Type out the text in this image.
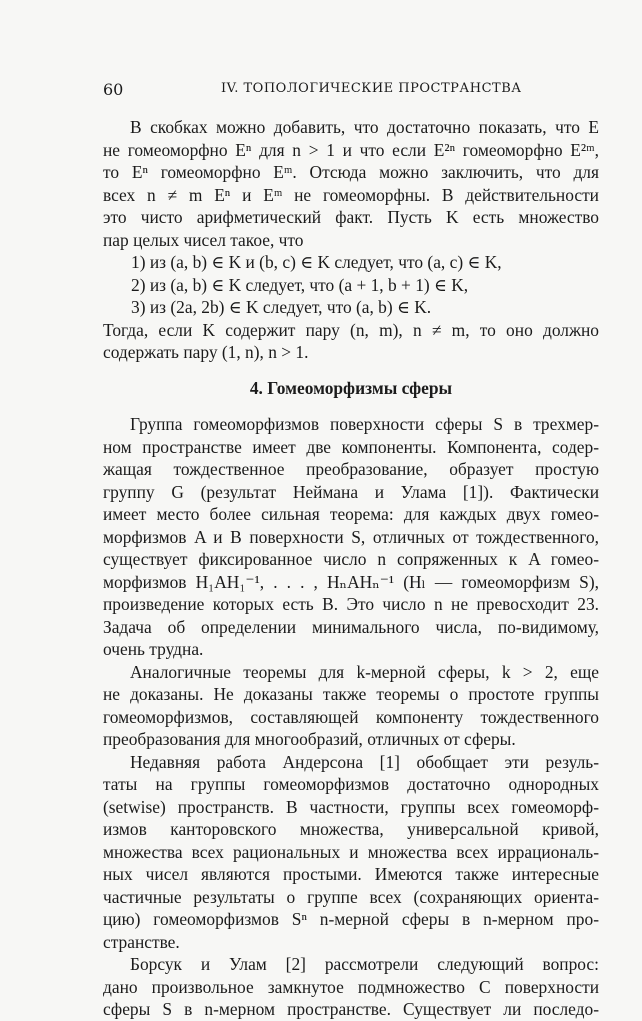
60	IV. ТОПОЛОГИЧЕСКИЕ ПРОСТРАНСТВА
В скобках можно добавить, что достаточно показать, что E
не гомеоморфно Eⁿ для n > 1 и что если E²ⁿ гомеоморфно E²ᵐ,
то Eⁿ гомеоморфно Eᵐ. Отсюда можно заключить, что для
всех n ≠ m Eⁿ и Eᵐ не гомеоморфны. В действительности
это чисто арифметический факт. Пусть K есть множество
пар целых чисел такое, что
1) из (a, b) ∈ K и (b, c) ∈ K следует, что (a, c) ∈ K,
2) из (a, b) ∈ K следует, что (a + 1, b + 1) ∈ K,
3) из (2a, 2b) ∈ K следует, что (a, b) ∈ K.
Тогда, если K содержит пару (n, m), n ≠ m, то оно должно
содержать пару (1, n), n > 1.
4. Гомеоморфизмы сферы
Группа гомеоморфизмов поверхности сферы S в трехмер-
ном пространстве имеет две компоненты. Компонента, содер-
жащая тождественное преобразование, образует простую
группу G (результат Неймана и Улама [1]). Фактически
имеет место более сильная теорема: для каждых двух гомео-
морфизмов A и B поверхности S, отличных от тождественного,
существует фиксированное число n сопряженных к A гомео-
морфизмов H₁AH₁⁻¹, . . . , HₙAHₙ⁻¹ (Hₗ — гомеоморфизм S),
произведение которых есть B. Это число n не превосходит 23.
Задача об определении минимального числа, по-видимому,
очень трудна.
Аналогичные теоремы для k-мерной сферы, k > 2, еще
не доказаны. Не доказаны также теоремы о простоте группы
гомеоморфизмов, составляющей компоненту тождественного
преобразования для многообразий, отличных от сферы.
Недавняя работа Андерсона [1] обобщает эти резуль-
таты на группы гомеоморфизмов достаточно однородных
(setwise) пространств. В частности, группы всех гомеоморф-
измов канторовского множества, универсальной кривой,
множества всех рациональных и множества всех иррациональ-
ных чисел являются простыми. Имеются также интересные
частичные результаты о группе всех (сохраняющих ориента-
цию) гомеоморфизмов Sⁿ n-мерной сферы в n-мерном про-
странстве.
Борсук и Улам [2] рассмотрели следующий вопрос:
дано произвольное замкнутое подмножество C поверхности
сферы S в n-мерном пространстве. Существует ли последо-
